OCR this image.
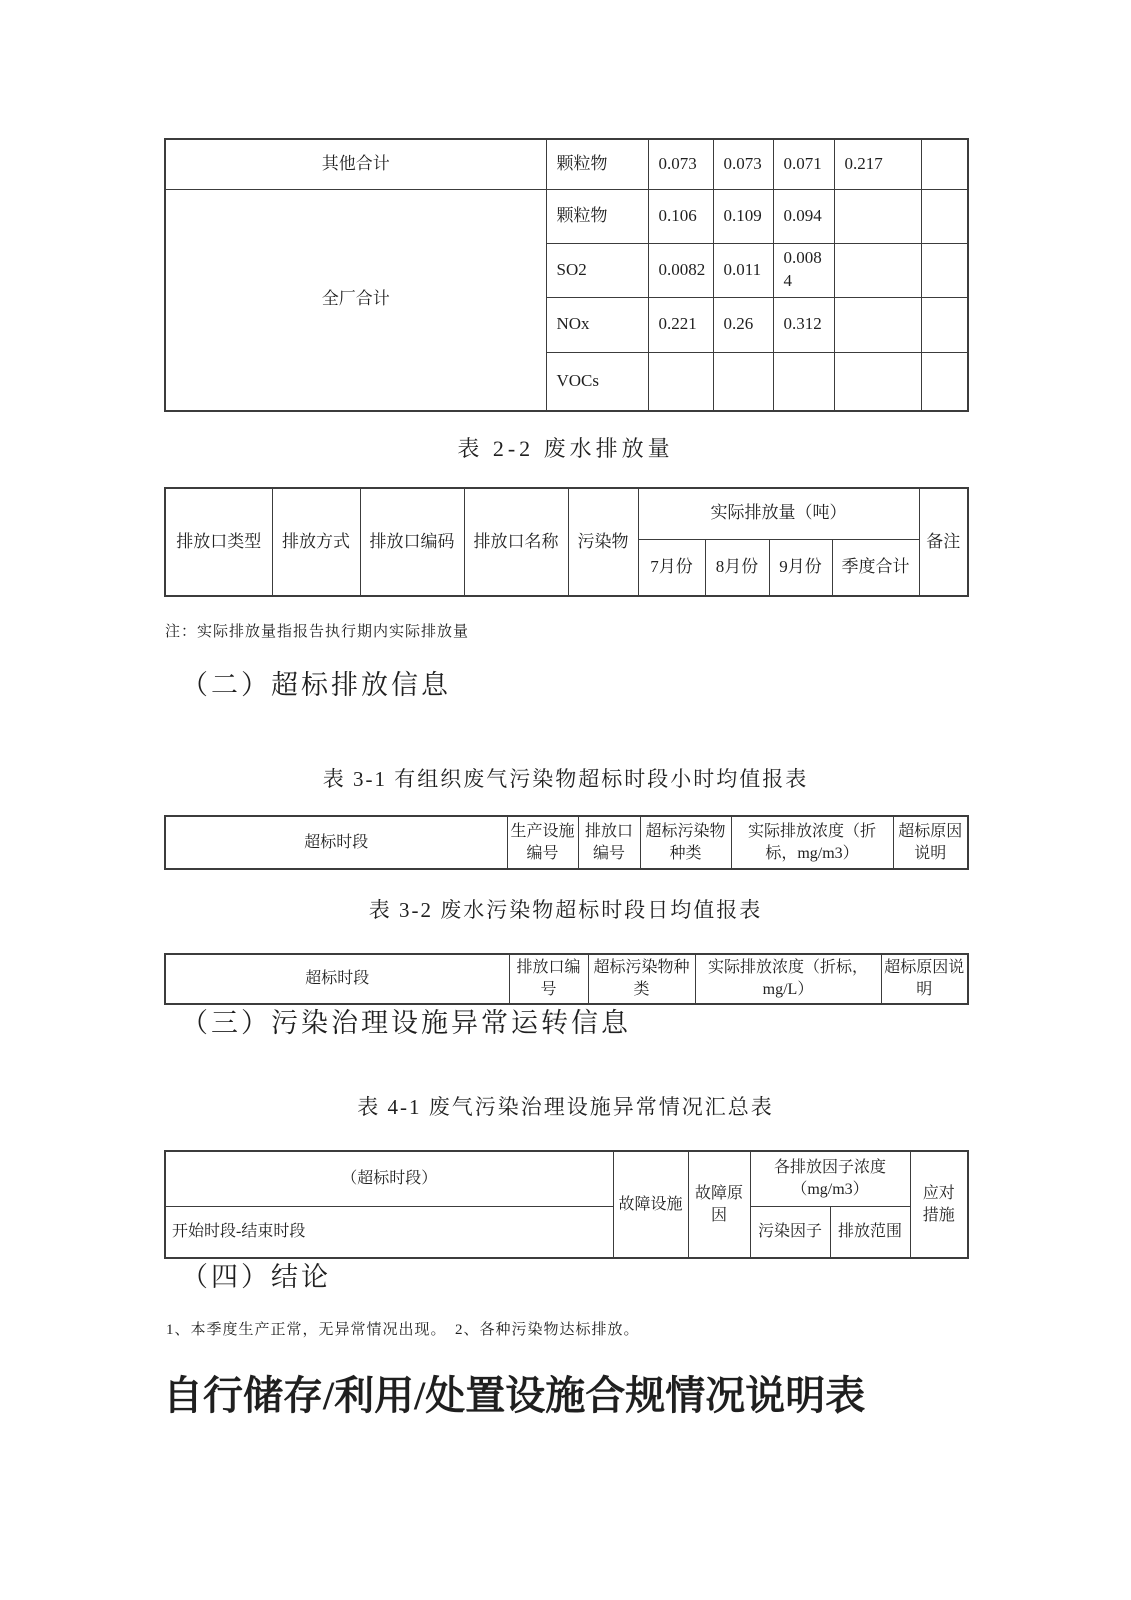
其他合计	颗粒物	0.073	0.073	0.071	0.217	
全厂合计	颗粒物	0.106	0.109	0.094		
	SO2	0.0082	0.011	0.0084		
	NOx	0.221	0.26	0.312		
	VOCs					
表 2-2 废水排放量
排放口类型	排放方式	排放口编码	排放口名称	污染物	实际排放量（吨）				备注
					7月份	8月份	9月份	季度合计	
注：实际排放量指报告执行期内实际排放量
（二）超标排放信息
表 3-1 有组织废气污染物超标时段小时均值报表
超标时段	生产设施编号	排放口编号	超标污染物种类	实际排放浓度（折标，mg/m3）	超标原因说明
表 3-2 废水污染物超标时段日均值报表
超标时段	排放口编号	超标污染物种类	实际排放浓度（折标，mg/L）	超标原因说明
（三）污染治理设施异常运转信息
表 4-1 废气污染治理设施异常情况汇总表
（超标时段）	故障设施	故障原因	各排放因子浓度（mg/m3）		应对措施
开始时段-结束时段			污染因子	排放范围	
（四）结论
1、本季度生产正常，无异常情况出现。　2、各种污染物达标排放。
自行储存/利用/处置设施合规情况说明表
